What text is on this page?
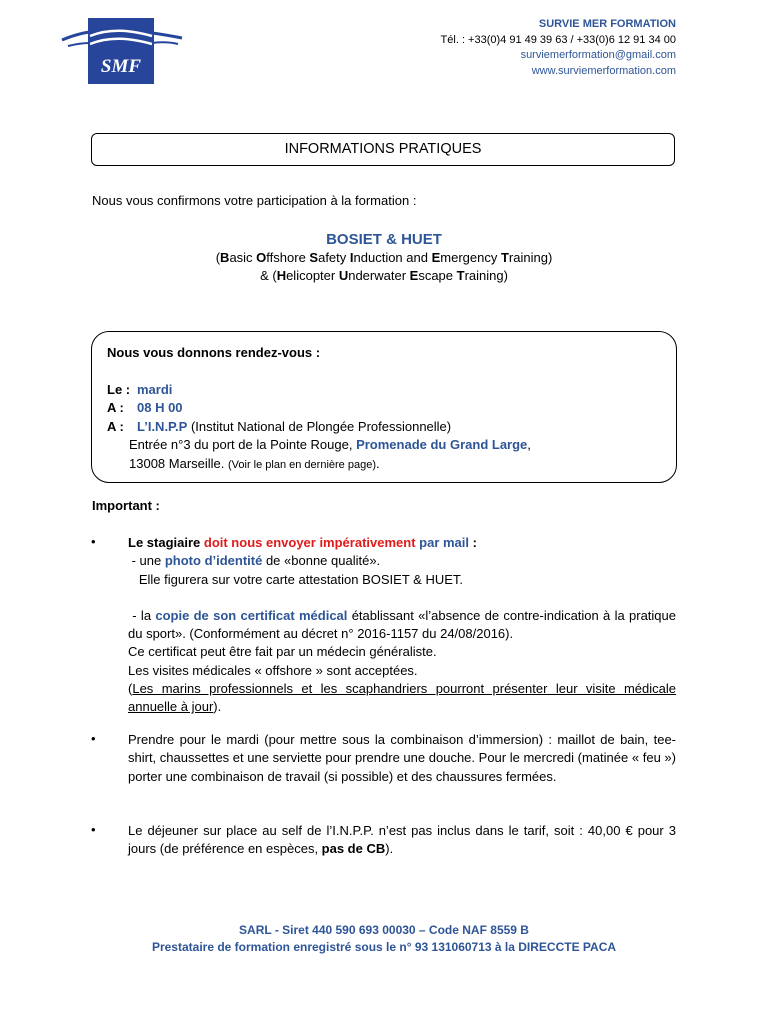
SMF
SURVIE MER FORMATION
Tél. : +33(0)4 91 49 39 63 / +33(0)6 12 91 34 00
surviemerformation@gmail.com
www.surviemerformation.com
INFORMATIONS PRATIQUES
Nous vous confirmons votre participation à la formation :
BOSIET & HUET
(Basic Offshore Safety Induction and Emergency Training)
& (Helicopter Underwater Escape Training)
Nous vous donnons rendez-vous :
Le : mardi
A : 08 H 00
A : L’I.N.P.P (Institut National de Plongée Professionnelle)
Entrée n°3 du port de la Pointe Rouge, Promenade du Grand Large,
13008 Marseille. (Voir le plan en dernière page).
Important :
• Le stagiaire doit nous envoyer impérativement par mail :
- une photo d’identité de «bonne qualité».
Elle figurera sur votre carte attestation BOSIET & HUET.
- la copie de son certificat médical établissant «l’absence de contre-indication à la pratique du sport». (Conformément au décret n° 2016-1157 du 24/08/2016).
Ce certificat peut être fait par un médecin généraliste.
Les visites médicales « offshore » sont acceptées.
(Les marins professionnels et les scaphandriers pourront présenter leur visite médicale annuelle à jour).
• Prendre pour le mardi (pour mettre sous la combinaison d’immersion) : maillot de bain, tee-shirt, chaussettes et une serviette pour prendre une douche. Pour le mercredi (matinée « feu ») porter une combinaison de travail (si possible) et des chaussures fermées.
• Le déjeuner sur place au self de l’I.N.P.P. n’est pas inclus dans le tarif, soit : 40,00 € pour 3 jours (de préférence en espèces, pas de CB).
SARL - Siret 440 590 693 00030 – Code NAF 8559 B
Prestataire de formation enregistré sous le n° 93 131060713 à la DIRECCTE PACA
